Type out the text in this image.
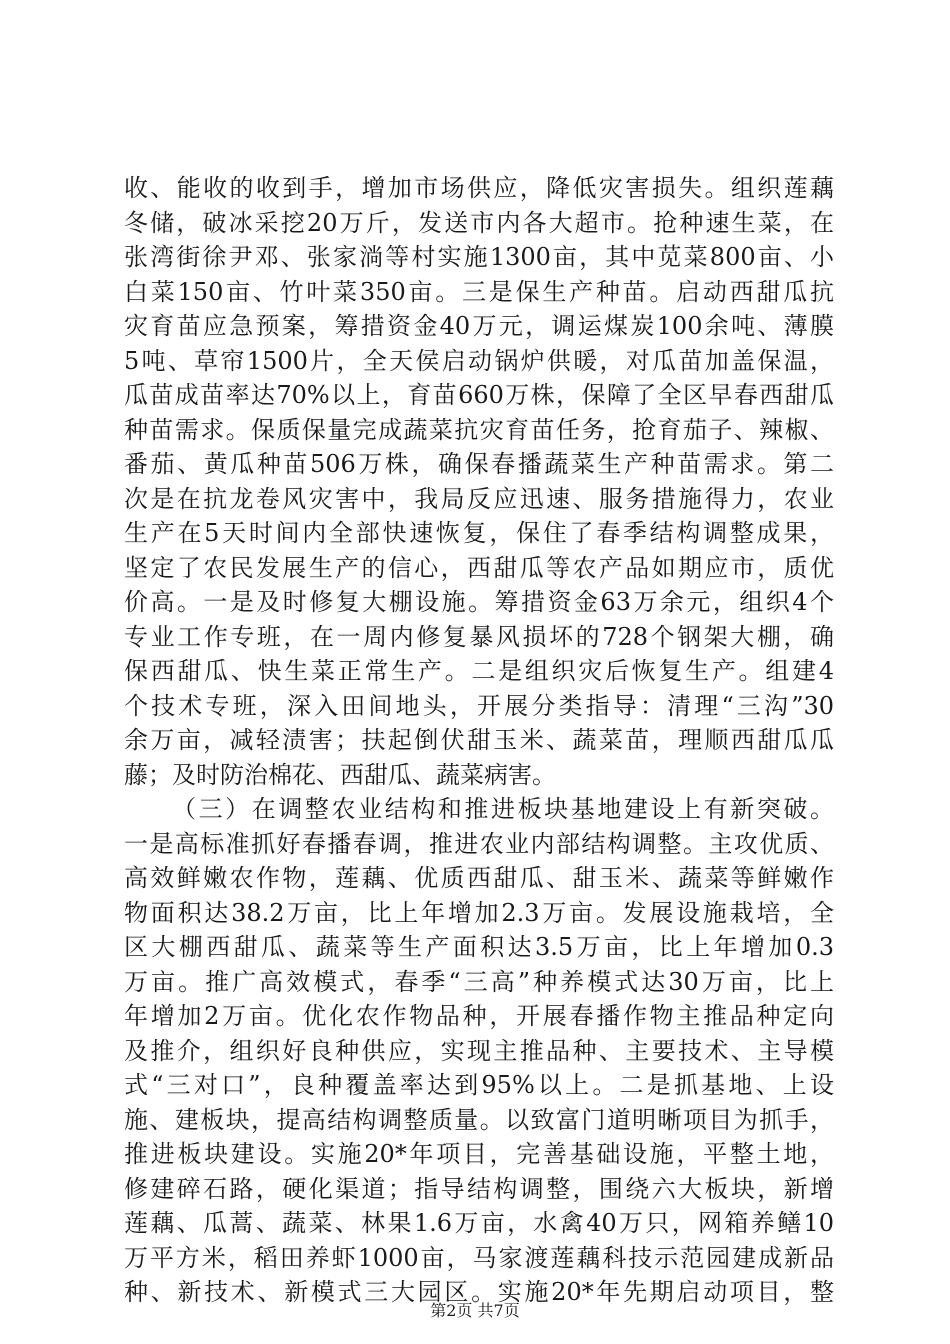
收、能收的收到手，增加市场供应，降低灾害损失。组织莲藕
冬储，破冰采挖20万斤，发送市内各大超市。抢种速生菜，在
张湾街徐尹邓、张家淌等村实施1300亩，其中苋菜800亩、小
白菜150亩、竹叶菜350亩。三是保生产种苗。启动西甜瓜抗
灾育苗应急预案，筹措资金40万元，调运煤炭100余吨、薄膜
5吨、草帘1500片，全天侯启动锅炉供暖，对瓜苗加盖保温，
瓜苗成苗率达70%以上，育苗660万株，保障了全区早春西甜瓜
种苗需求。保质保量完成蔬菜抗灾育苗任务，抢育茄子、辣椒、
番茄、黄瓜种苗506万株，确保春播蔬菜生产种苗需求。第二
次是在抗龙卷风灾害中，我局反应迅速、服务措施得力，农业
生产在5天时间内全部快速恢复，保住了春季结构调整成果，
坚定了农民发展生产的信心，西甜瓜等农产品如期应市，质优
价高。一是及时修复大棚设施。筹措资金63万余元，组织4个
专业工作专班，在一周内修复暴风损坏的728个钢架大棚，确
保西甜瓜、快生菜正常生产。二是组织灾后恢复生产。组建4
个技术专班，深入田间地头，开展分类指导：清理“三沟”30
余万亩，减轻渍害；扶起倒伏甜玉米、蔬菜苗，理顺西甜瓜瓜
藤；及时防治棉花、西甜瓜、蔬菜病害。
（三）在调整农业结构和推进板块基地建设上有新突破。
一是高标准抓好春播春调，推进农业内部结构调整。主攻优质、
高效鲜嫩农作物，莲藕、优质西甜瓜、甜玉米、蔬菜等鲜嫩作
物面积达38.2万亩，比上年增加2.3万亩。发展设施栽培，全
区大棚西甜瓜、蔬菜等生产面积达3.5万亩，比上年增加0.3
万亩。推广高效模式，春季“三高”种养模式达30万亩，比上
年增加2万亩。优化农作物品种，开展春播作物主推品种定向
及推介，组织好良种供应，实现主推品种、主要技术、主导模
式“三对口”，良种覆盖率达到95%以上。二是抓基地、上设
施、建板块，提高结构调整质量。以致富门道明晰项目为抓手，
推进板块建设。实施20*年项目，完善基础设施，平整土地，
修建碎石路，硬化渠道；指导结构调整，围绕六大板块，新增
莲藕、瓜蒿、蔬菜、林果1.6万亩，水禽40万只，网箱养鳝10
万平方米，稻田养虾1000亩，马家渡莲藕科技示范园建成新品
种、新技术、新模式三大园区。实施20*年先期启动项目，整
第2页 共7页
